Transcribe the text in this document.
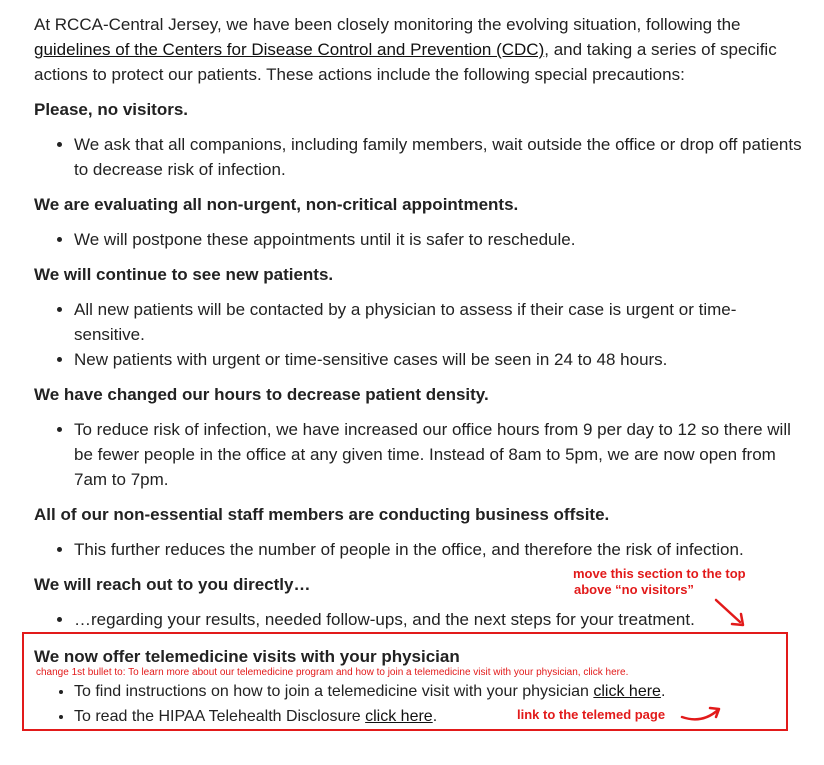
At RCCA-Central Jersey, we have been closely monitoring the evolving situation, following the guidelines of the Centers for Disease Control and Prevention (CDC), and taking a series of specific actions to protect our patients. These actions include the following special precautions:

Please, no visitors.
• We ask that all companions, including family members, wait outside the office or drop off patients to decrease risk of infection.
We are evaluating all non-urgent, non-critical appointments.
• We will postpone these appointments until it is safer to reschedule.
We will continue to see new patients.
• All new patients will be contacted by a physician to assess if their case is urgent or time-sensitive.
• New patients with urgent or time-sensitive cases will be seen in 24 to 48 hours.
We have changed our hours to decrease patient density.
• To reduce risk of infection, we have increased our office hours from 9 per day to 12 so there will be fewer people in the office at any given time. Instead of 8am to 5pm, we are now open from 7am to 7pm.
All of our non-essential staff members are conducting business offsite.
• This further reduces the number of people in the office, and therefore the risk of infection.
We will reach out to you directly…
• …regarding your results, needed follow-ups, and the next steps for your treatment.
We now offer telemedicine visits with your physician
change 1st bullet to: To learn more about our telemedicine program and how to join a telemedicine visit with your physician, click here.
• To find instructions on how to join a telemedicine visit with your physician click here.
• To read the HIPAA Telehealth Disclosure click here.
move this section to the top
above “no visitors”
link to the telemed page
